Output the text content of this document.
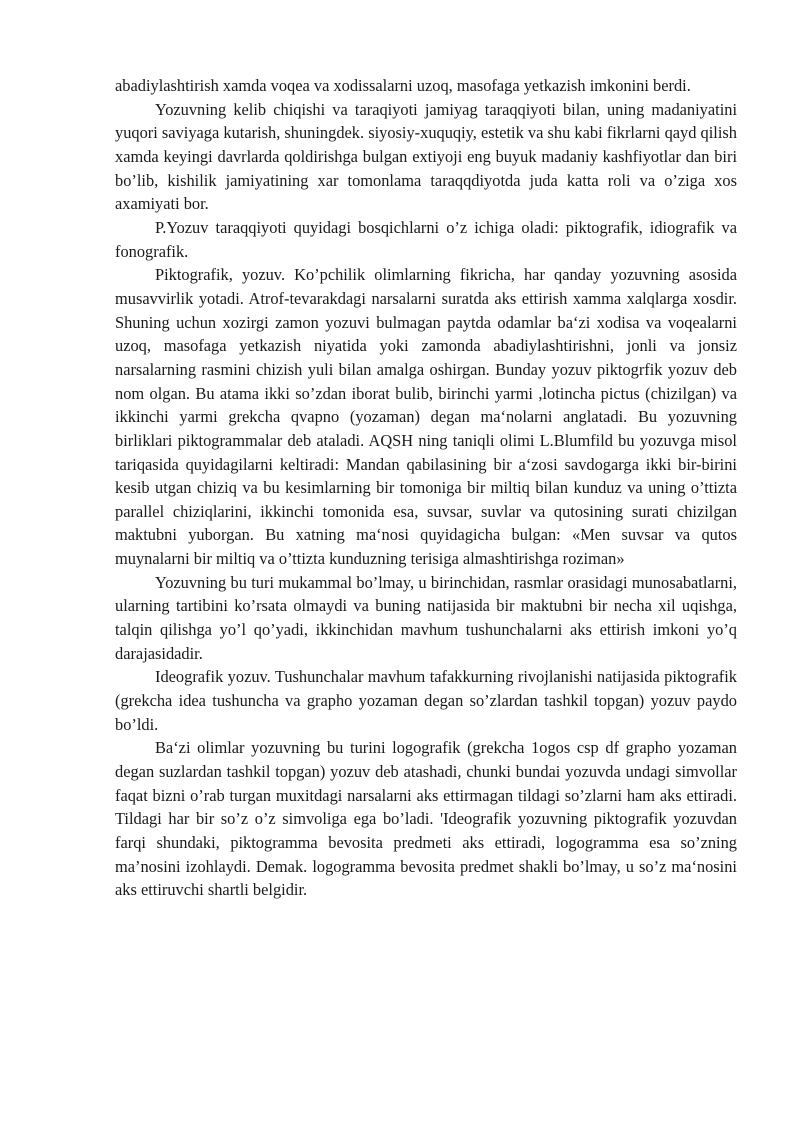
abadiylashtirish xamda voqea va xodissalarni uzoq, masofaga yetkazish imkonini berdi.

Yozuvning kelib chiqishi va taraqiyoti jamiyag taraqqiyoti bilan, uning madaniyatini yuqori saviyaga kutarish, shuningdek. siyosiy-xuquqiy, estetik va shu kabi fikrlarni qayd qilish xamda keyingi davrlarda qoldirishga bulgan extiyoji eng buyuk madaniy kashfiyotlar dan biri bo’lib, kishilik jamiyatining xar tomonlama taraqqdiyotda juda katta roli va o’ziga xos axamiyati bor.

P.Yozuv taraqqiyoti quyidagi bosqichlarni o’z ichiga oladi: piktografik, idiografik va fonografik.

Piktografik, yozuv. Ko’pchilik olimlarning fikricha, har qanday yozuvning asosida musavvirlik yotadi. Atrof-tevarakdagi narsalarni suratda aks ettirish xamma xalqlarga xosdir. Shuning uchun xozirgi zamon yozuvi bulmagan paytda odamlar ba‘zi xodisa va voqealarni uzoq, masofaga yetkazish niyatida yoki zamonda abadiylashtirishni, jonli va jonsiz narsalarning rasmini chizish yuli bilan amalga oshirgan. Bunday yozuv piktogrfik yozuv deb nom olgan. Bu atama ikki so’zdan iborat bulib, birinchi yarmi ,lotincha pictus (chizilgan) va ikkinchi yarmi grekcha qvapno (yozaman) degan ma‘nolarni anglatadi. Bu yozuvning birliklari piktogrammalar deb ataladi. AQSH ning taniqli olimi L.Blumfild bu yozuvga misol tariqasida quyidagilarni keltiradi: Mandan qabilasining bir a‘zosi savdogarga ikki bir-birini kesib utgan chiziq va bu kesimlarning bir tomoniga bir miltiq bilan kunduz va uning o’ttizta parallel chiziqlarini, ikkinchi tomonida esa, suvsar, suvlar va qutosining surati chizilgan maktubni yuborgan. Bu xatning ma‘nosi quyidagicha bulgan: «Men suvsar va qutos muynalarni bir miltiq va o’ttizta kunduzning terisiga almashtirishga roziman»

Yozuvning bu turi mukammal bo’lmay, u birinchidan, rasmlar orasidagi munosabatlarni, ularning tartibini ko’rsata olmaydi va buning natijasida bir maktubni bir necha xil uqishga, talqin qilishga yo’l qo’yadi, ikkinchidan mavhum tushunchalarni aks ettirish imkoni yo’q darajasidadir.

Ideografik yozuv. Tushunchalar mavhum tafakkurning rivojlanishi natijasida piktografik (grekcha idea tushuncha va grapho yozaman degan so’zlardan tashkil topgan) yozuv paydo bo’ldi.

Ba‘zi olimlar yozuvning bu turini logografik (grekcha 1ogos csp df grapho yozaman degan suzlardan tashkil topgan) yozuv deb atashadi, chunki bundai yozuvda undagi simvollar faqat bizni o’rab turgan muxitdagi narsalarni aks ettirmagan tildagi so’zlarni ham aks ettiradi. Tildagi har bir so’z o’z simvoliga ega bo’ladi. 'Ideografik yozuvning piktografik yozuvdan farqi shundaki, piktogramma bevosita predmeti aks ettiradi, logogramma esa so’zning ma’nosini izohlaydi. Demak. logogramma bevosita predmet shakli bo’lmay, u so’z ma‘nosini aks ettiruvchi shartli belgidir.
